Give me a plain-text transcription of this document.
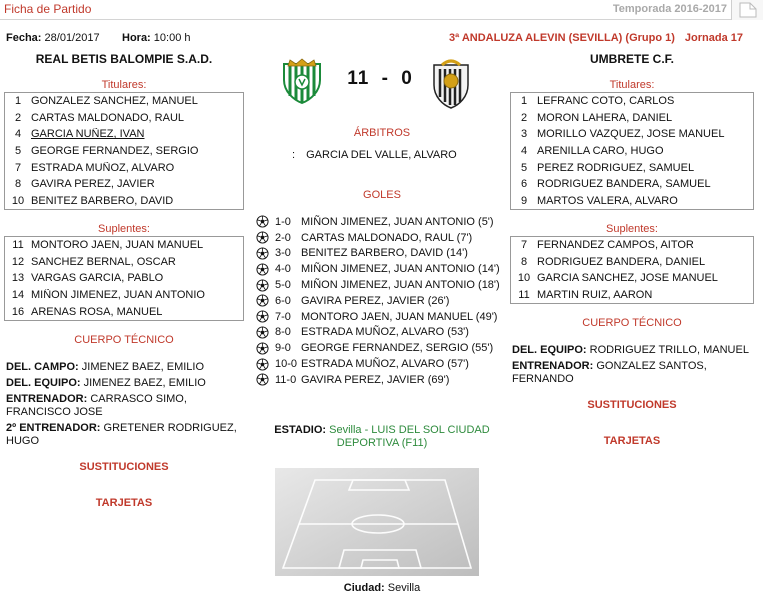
Ficha de Partido	Temporada 2016-2017
Fecha: 28/01/2017 Hora: 10:00 h	3ª ANDALUZA ALEVIN (SEVILLA) (Grupo 1) Jornada 17
REAL BETIS BALOMPIE S.A.D.	UMBRETE C.F.
11 - 0
Titulares:
1 GONZALEZ SANCHEZ, MANUEL
2 CARTAS MALDONADO, RAUL
4 GARCIA NUÑEZ, IVAN
5 GEORGE FERNANDEZ, SERGIO
7 ESTRADA MUÑOZ, ALVARO
8 GAVIRA PEREZ, JAVIER
10 BENITEZ BARBERO, DAVID
Suplentes:
11 MONTORO JAEN, JUAN MANUEL
12 SANCHEZ BERNAL, OSCAR
13 VARGAS GARCIA, PABLO
14 MIÑON JIMENEZ, JUAN ANTONIO
16 ARENAS ROSA, MANUEL
CUERPO TÉCNICO
DEL. CAMPO: JIMENEZ BAEZ, EMILIO
DEL. EQUIPO: JIMENEZ BAEZ, EMILIO
ENTRENADOR: CARRASCO SIMO, FRANCISCO JOSE
2º ENTRENADOR: GRETENER RODRIGUEZ, HUGO
SUSTITUCIONES
TARJETAS
ÁRBITROS
: GARCIA DEL VALLE, ALVARO
GOLES
1-0 MIÑON JIMENEZ, JUAN ANTONIO (5')
2-0 CARTAS MALDONADO, RAUL (7')
3-0 BENITEZ BARBERO, DAVID (14')
4-0 MIÑON JIMENEZ, JUAN ANTONIO (14')
5-0 MIÑON JIMENEZ, JUAN ANTONIO (18')
6-0 GAVIRA PEREZ, JAVIER (26')
7-0 MONTORO JAEN, JUAN MANUEL (49')
8-0 ESTRADA MUÑOZ, ALVARO (53')
9-0 GEORGE FERNANDEZ, SERGIO (55')
10-0 ESTRADA MUÑOZ, ALVARO (57')
11-0 GAVIRA PEREZ, JAVIER (69')
ESTADIO: Sevilla - LUIS DEL SOL CIUDAD DEPORTIVA (F11)
Ciudad: Sevilla
Titulares:
1 LEFRANC COTO, CARLOS
2 MORON LAHERA, DANIEL
3 MORILLO VAZQUEZ, JOSE MANUEL
4 ARENILLA CARO, HUGO
5 PEREZ RODRIGUEZ, SAMUEL
6 RODRIGUEZ BANDERA, SAMUEL
9 MARTOS VALERA, ALVARO
Suplentes:
7 FERNANDEZ CAMPOS, AITOR
8 RODRIGUEZ BANDERA, DANIEL
10 GARCIA SANCHEZ, JOSE MANUEL
11 MARTIN RUIZ, AARON
CUERPO TÉCNICO
DEL. EQUIPO: RODRIGUEZ TRILLO, MANUEL
ENTRENADOR: GONZALEZ SANTOS, FERNANDO
SUSTITUCIONES
TARJETAS
